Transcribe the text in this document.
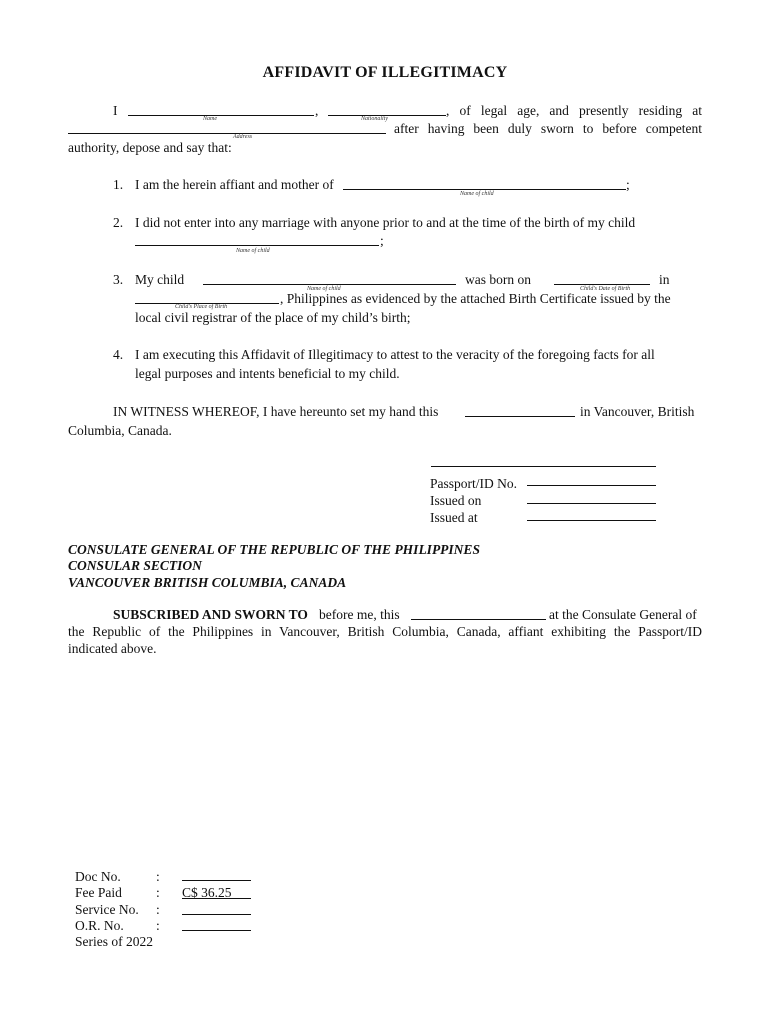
AFFIDAVIT OF ILLEGITIMACY
I	,	, of legal age, and presently residing at
Name	Nationality
after having been duly sworn to before competent
Address
authority, depose and say that:
1. I am the herein affiant and mother of	;
Name of child
2. I did not enter into any marriage with anyone prior to and at the time of the birth of my child
;
Name of child
3. My child	was born on	in
Name of child	Child's Date of Birth
, Philippines as evidenced by the attached Birth Certificate issued by the
Child's Place of Birth
local civil registrar of the place of my child’s birth;
4. I am executing this Affidavit of Illegitimacy to attest to the veracity of the foregoing facts for all
legal purposes and intents beneficial to my child.
IN WITNESS WHEREOF, I have hereunto set my hand this	in Vancouver, British
Columbia, Canada.
Passport/ID No.
Issued on
Issued at
CONSULATE GENERAL OF THE REPUBLIC OF THE PHILIPPINES
CONSULAR SECTION
VANCOUVER BRITISH COLUMBIA, CANADA
SUBSCRIBED AND SWORN TO before me, this	at the Consulate General of
the Republic of the Philippines in Vancouver, British Columbia, Canada, affiant exhibiting the Passport/ID
indicated above.
Doc No.	:
Fee Paid	: C$ 36.25
Service No. :
O.R. No. :
Series of 2022
